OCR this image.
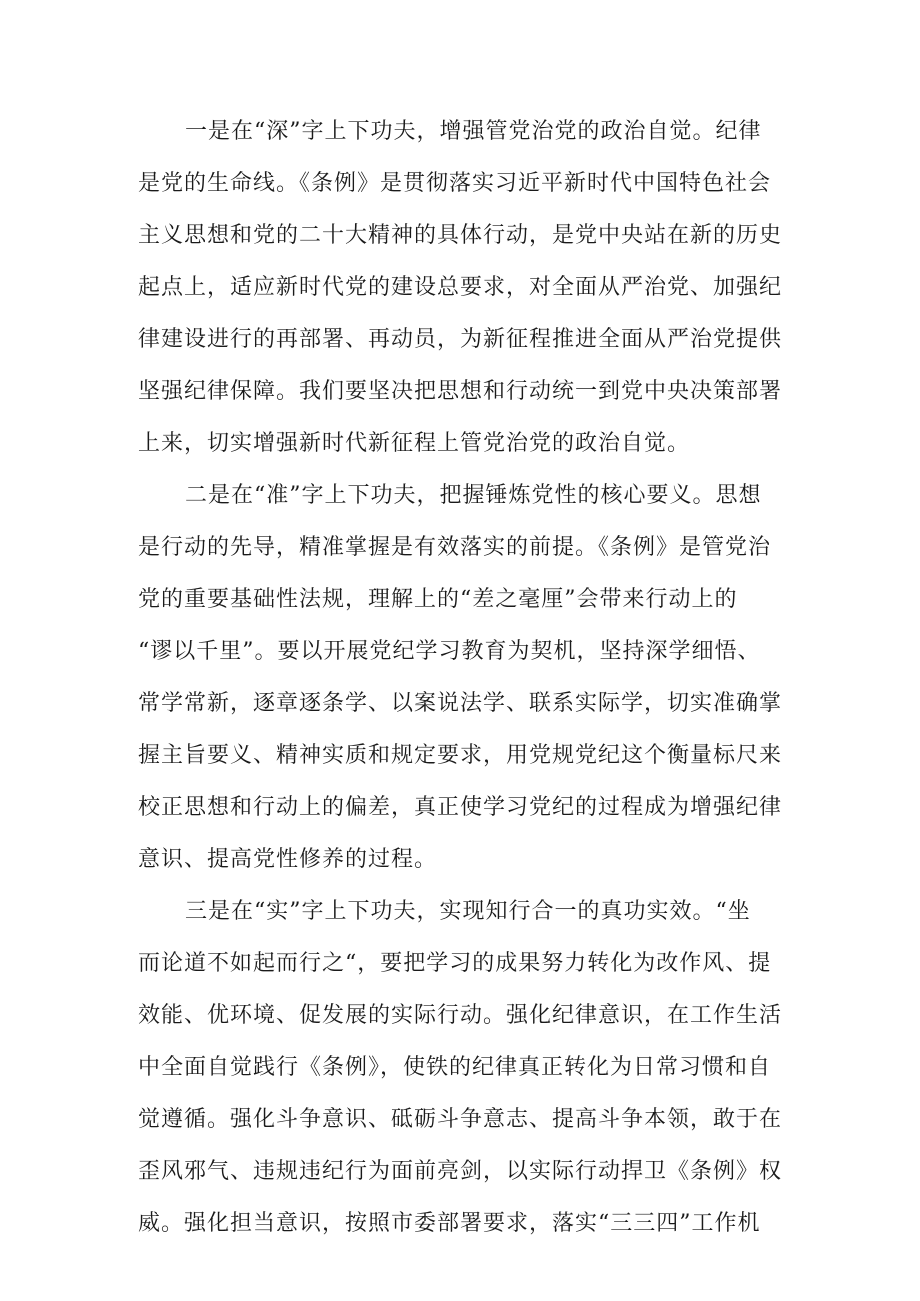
一是在“深”字上下功夫，增强管党治党的政治自觉。纪律
是党的生命线。《条例》是贯彻落实习近平新时代中国特色社会
主义思想和党的二十大精神的具体行动，是党中央站在新的历史
起点上，适应新时代党的建设总要求，对全面从严治党、加强纪
律建设进行的再部署、再动员，为新征程推进全面从严治党提供
坚强纪律保障。我们要坚决把思想和行动统一到党中央决策部署
上来，切实增强新时代新征程上管党治党的政治自觉。
二是在“准”字上下功夫，把握锤炼党性的核心要义。思想
是行动的先导，精准掌握是有效落实的前提。《条例》是管党治
党的重要基础性法规，理解上的“差之毫厘”会带来行动上的
“谬以千里”。要以开展党纪学习教育为契机，坚持深学细悟、
常学常新，逐章逐条学、以案说法学、联系实际学，切实准确掌
握主旨要义、精神实质和规定要求，用党规党纪这个衡量标尺来
校正思想和行动上的偏差，真正使学习党纪的过程成为增强纪律
意识、提高党性修养的过程。
三是在“实”字上下功夫，实现知行合一的真功实效。“坐
而论道不如起而行之“，要把学习的成果努力转化为改作风、提
效能、优环境、促发展的实际行动。强化纪律意识，在工作生活
中全面自觉践行《条例》，使铁的纪律真正转化为日常习惯和自
觉遵循。强化斗争意识、砥砺斗争意志、提高斗争本领，敢于在
歪风邪气、违规违纪行为面前亮剑，以实际行动捍卫《条例》权
威。强化担当意识，按照市委部署要求，落实“三三四”工作机
